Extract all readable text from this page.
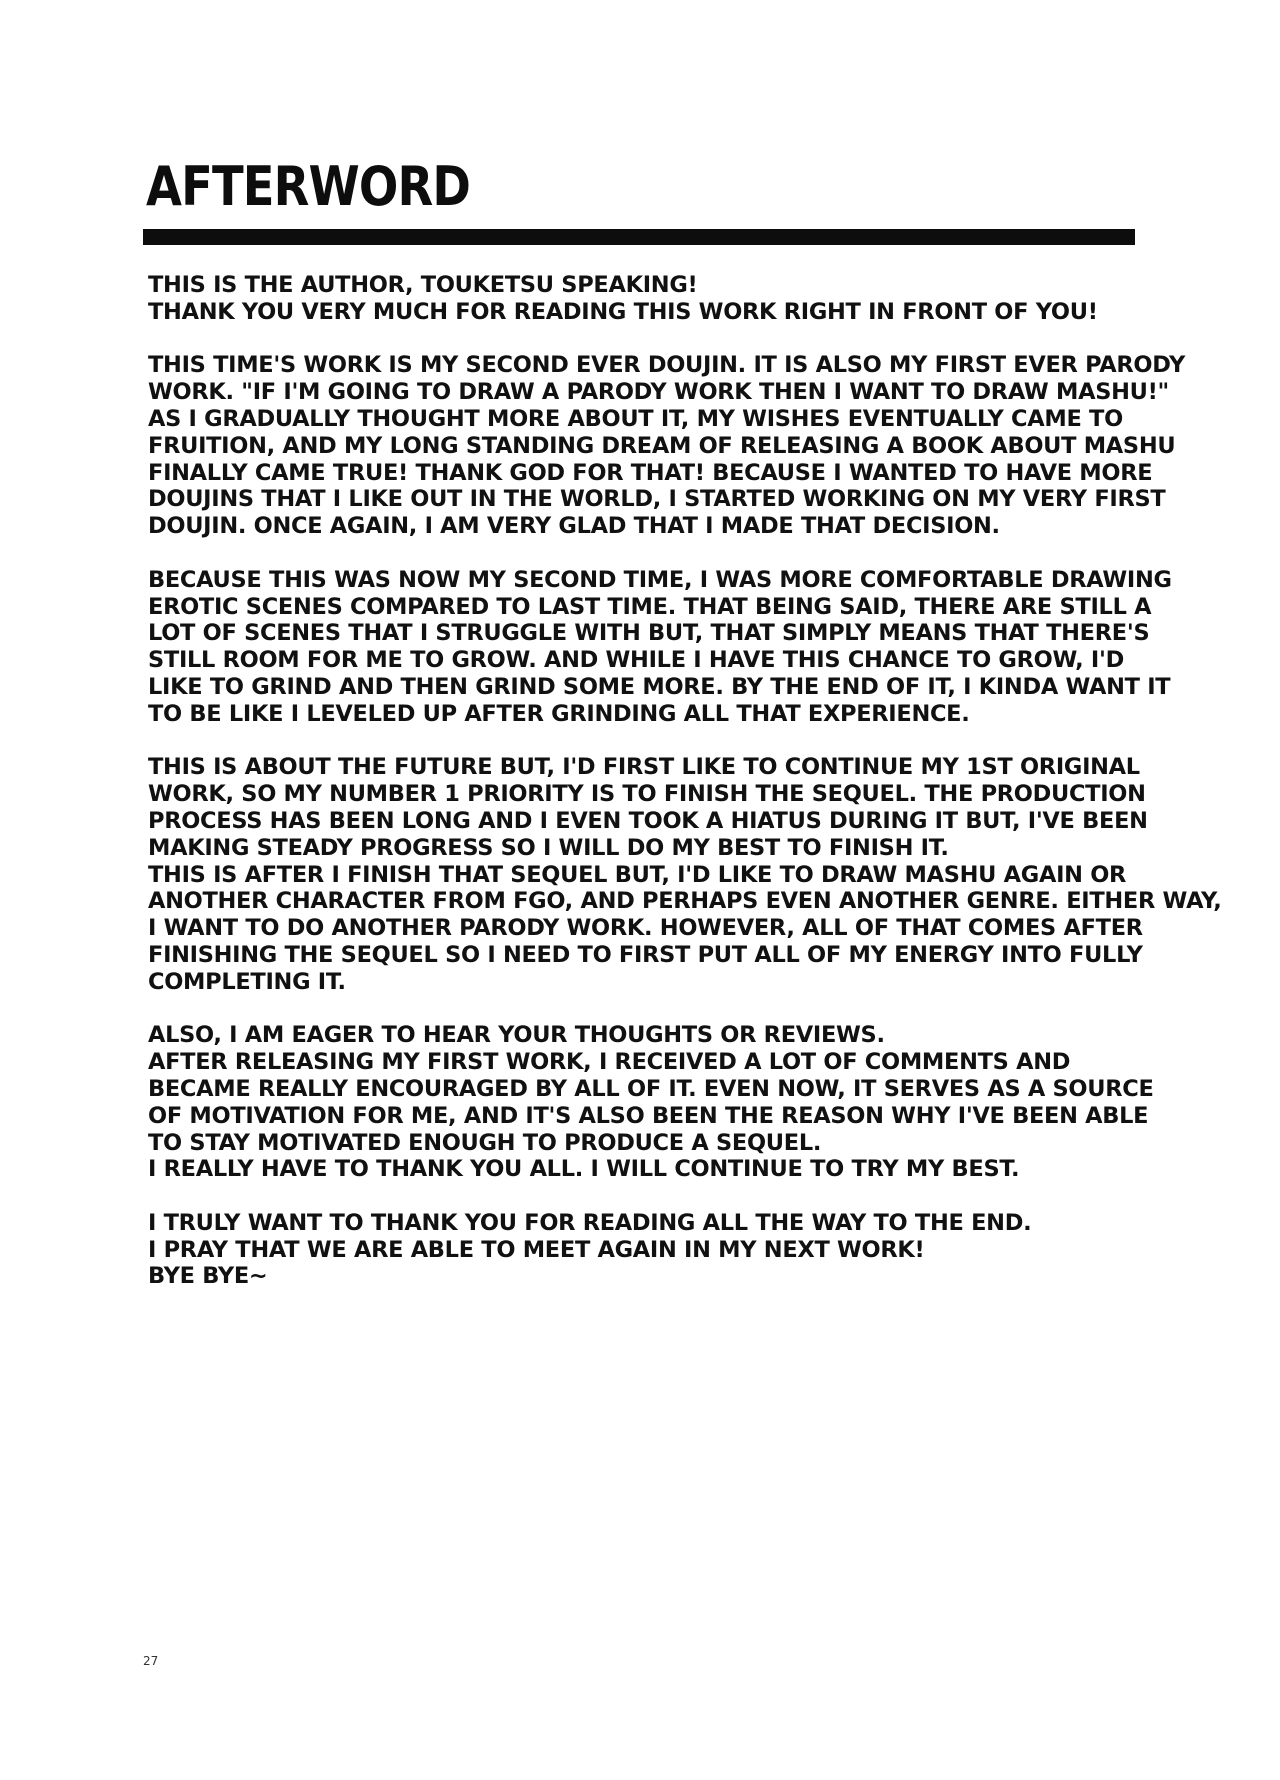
AFTERWORD

THIS IS THE AUTHOR, TOUKETSU SPEAKING!
THANK YOU VERY MUCH FOR READING THIS WORK RIGHT IN FRONT OF YOU!

THIS TIME'S WORK IS MY SECOND EVER DOUJIN. IT IS ALSO MY FIRST EVER PARODY
WORK. "IF I'M GOING TO DRAW A PARODY WORK THEN I WANT TO DRAW MASHU!"
AS I GRADUALLY THOUGHT MORE ABOUT IT, MY WISHES EVENTUALLY CAME TO
FRUITION, AND MY LONG STANDING DREAM OF RELEASING A BOOK ABOUT MASHU
FINALLY CAME TRUE! THANK GOD FOR THAT! BECAUSE I WANTED TO HAVE MORE
DOUJINS THAT I LIKE OUT IN THE WORLD, I STARTED WORKING ON MY VERY FIRST
DOUJIN. ONCE AGAIN, I AM VERY GLAD THAT I MADE THAT DECISION.

BECAUSE THIS WAS NOW MY SECOND TIME, I WAS MORE COMFORTABLE DRAWING
EROTIC SCENES COMPARED TO LAST TIME. THAT BEING SAID, THERE ARE STILL A
LOT OF SCENES THAT I STRUGGLE WITH BUT, THAT SIMPLY MEANS THAT THERE'S
STILL ROOM FOR ME TO GROW. AND WHILE I HAVE THIS CHANCE TO GROW, I'D
LIKE TO GRIND AND THEN GRIND SOME MORE. BY THE END OF IT, I KINDA WANT IT
TO BE LIKE I LEVELED UP AFTER GRINDING ALL THAT EXPERIENCE.

THIS IS ABOUT THE FUTURE BUT, I'D FIRST LIKE TO CONTINUE MY 1ST ORIGINAL
WORK, SO MY NUMBER 1 PRIORITY IS TO FINISH THE SEQUEL. THE PRODUCTION
PROCESS HAS BEEN LONG AND I EVEN TOOK A HIATUS DURING IT BUT, I'VE BEEN
MAKING STEADY PROGRESS SO I WILL DO MY BEST TO FINISH IT.
THIS IS AFTER I FINISH THAT SEQUEL BUT, I'D LIKE TO DRAW MASHU AGAIN OR
ANOTHER CHARACTER FROM FGO, AND PERHAPS EVEN ANOTHER GENRE. EITHER WAY,
I WANT TO DO ANOTHER PARODY WORK. HOWEVER, ALL OF THAT COMES AFTER
FINISHING THE SEQUEL SO I NEED TO FIRST PUT ALL OF MY ENERGY INTO FULLY
COMPLETING IT.

ALSO, I AM EAGER TO HEAR YOUR THOUGHTS OR REVIEWS.
AFTER RELEASING MY FIRST WORK, I RECEIVED A LOT OF COMMENTS AND
BECAME REALLY ENCOURAGED BY ALL OF IT. EVEN NOW, IT SERVES AS A SOURCE
OF MOTIVATION FOR ME, AND IT'S ALSO BEEN THE REASON WHY I'VE BEEN ABLE
TO STAY MOTIVATED ENOUGH TO PRODUCE A SEQUEL.
I REALLY HAVE TO THANK YOU ALL. I WILL CONTINUE TO TRY MY BEST.

I TRULY WANT TO THANK YOU FOR READING ALL THE WAY TO THE END.
I PRAY THAT WE ARE ABLE TO MEET AGAIN IN MY NEXT WORK!
BYE BYE~

27
